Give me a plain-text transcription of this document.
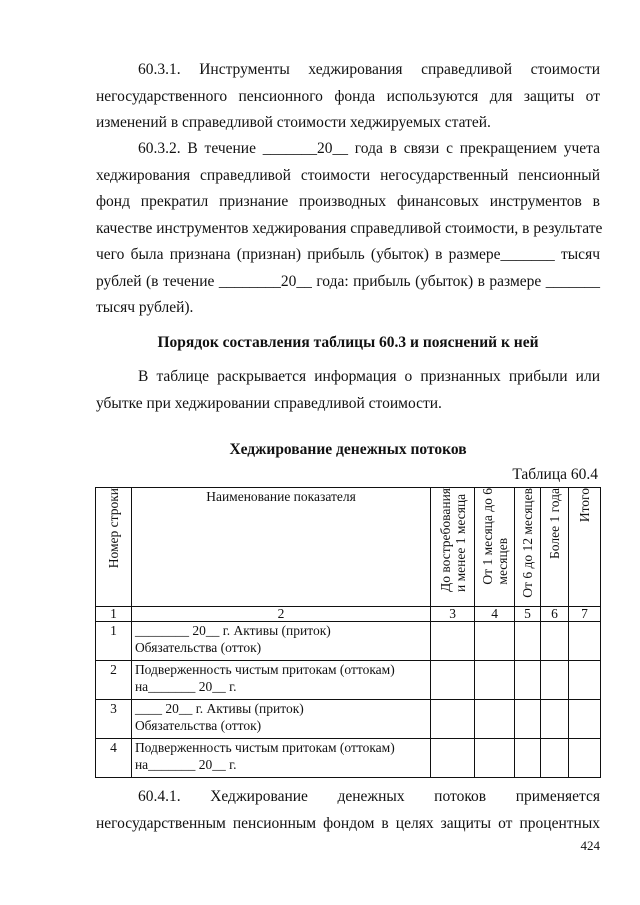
60.3.1. Инструменты хеджирования справедливой стоимости
негосударственного пенсионного фонда используются для защиты от
изменений в справедливой стоимости хеджируемых статей.

60.3.2. В течение _______20__ года в связи с прекращением учета
хеджирования справедливой стоимости негосударственный пенсионный
фонд прекратил признание производных финансовых инструментов в
качестве инструментов хеджирования справедливой стоимости, в результате
чего была признана (признан) прибыль (убыток) в размере_______ тысяч
рублей (в течение ________20__ года: прибыль (убыток) в размере _______
тысяч рублей).

Порядок составления таблицы 60.3 и пояснений к ней

В таблице раскрывается информация о признанных прибыли или
убытке при хеджировании справедливой стоимости.

Хеджирование денежных потоков

Таблица 60.4
Номер строки	Наименование показателя	До востребования
и менее 1 месяца	От 1 месяца до 6
месяцев	От 6 до 12 месяцев	Более 1 года	Итого

1	2	3	4	5	6	7
1	________ 20__ г. Активы (приток)
Обязательства (отток)					
2	Подверженность чистым притокам (оттокам)
на_______ 20__ г.					
3	____ 20__ г. Активы (приток)
Обязательства (отток)					
4	Подверженность чистым притокам (оттокам)
на_______ 20__ г.					

60.4.1. Хеджирование денежных потоков применяется
негосударственным пенсионным фондом в целях защиты от процентных

424
